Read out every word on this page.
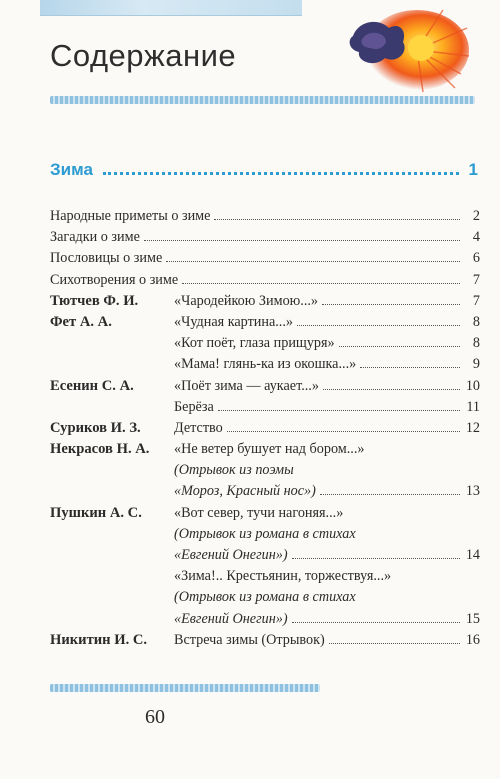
Содержание
Зима	1
Народные приметы о зиме	2
Загадки о зиме	4
Пословицы о зиме	6
Сихотворения о зиме	7
Тютчев Ф. И.	«Чародейкою Зимою...»	7
Фет А. А.	«Чудная картина...»	8
«Кот поёт, глаза прищуря»	8
«Мама! глянь-ка из окошка...»	9
Есенин С. А.	«Поёт зима — аукает...»	10
Берёза	11
Суриков И. З.	Детство	12
Некрасов Н. А.	«Не ветер бушует над бором...»
(Отрывок из поэмы
«Мороз, Красный нос»)	13
Пушкин А. С.	«Вот север, тучи нагоняя...»
(Отрывок из романа в стихах
«Евгений Онегин»)	14
«Зима!.. Крестьянин, торжествуя...»
(Отрывок из романа в стихах
«Евгений Онегин»)	15
Никитин И. С.	Встреча зимы (Отрывок)	16
60
